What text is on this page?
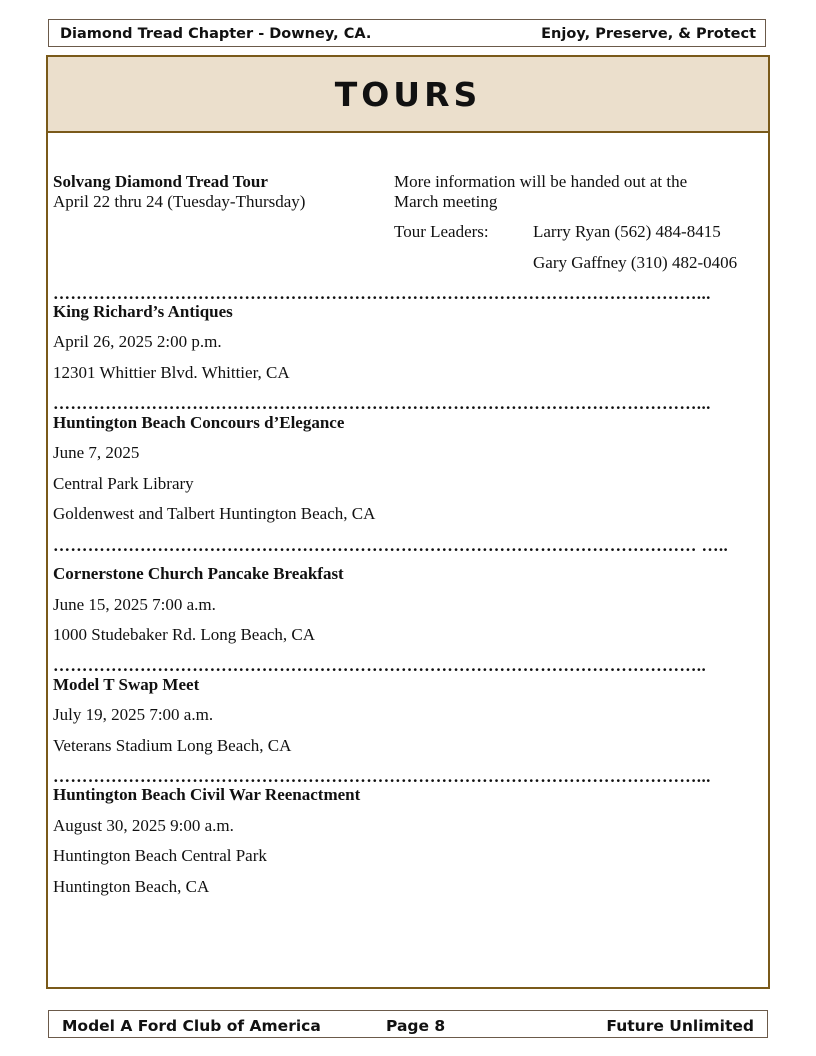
Diamond Tread Chapter - Downey, CA.	Enjoy, Preserve, & Protect
TOURS
Solvang Diamond Tread Tour
April 22 thru 24 (Tuesday-Thursday)
More information will be handed out at the
March meeting
Tour Leaders:	Larry Ryan (562) 484-8415
Gary Gaffney (310) 482-0406
…………………………………………………………………………………………………...
King Richard’s Antiques
April 26, 2025 2:00 p.m.
12301 Whittier Blvd. Whittier, CA
…………………………………………………………………………………………………...
Huntington Beach Concours d’Elegance
June 7, 2025
Central Park Library
Goldenwest and Talbert Huntington Beach, CA
………………………………………………………………………………………………… …..
Cornerstone Church Pancake Breakfast
June 15, 2025 7:00 a.m.
1000 Studebaker Rd. Long Beach, CA
…………………………………………………………………………………………………..
Model T Swap Meet
July 19, 2025 7:00 a.m.
Veterans Stadium Long Beach, CA
…………………………………………………………………………………………………...
Huntington Beach Civil War Reenactment
August 30, 2025 9:00 a.m.
Huntington Beach Central Park
Huntington Beach, CA
Model A Ford Club of America	Page 8	Future Unlimited
